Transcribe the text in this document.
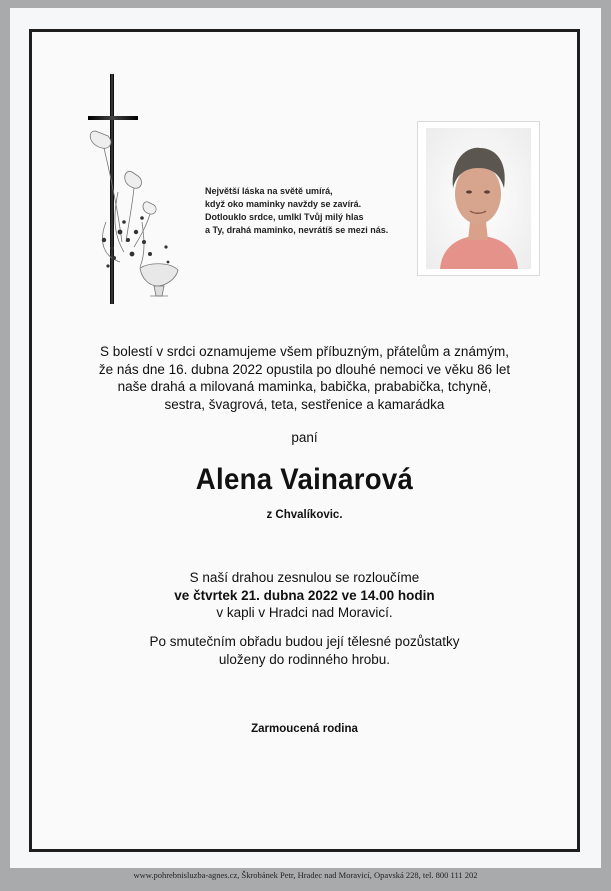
Největší láska na světě umírá,
když oko maminky navždy se zavírá.
Dotlouklo srdce, umlkl Tvůj milý hlas
a Ty, drahá maminko, nevrátíš se mezi nás.
S bolestí v srdci oznamujeme všem příbuzným, přátelům a známým,
že nás dne 16. dubna 2022 opustila po dlouhé nemoci ve věku 86 let
naše drahá a milovaná maminka, babička, prababička, tchyně,
sestra, švagrová, teta, sestřenice a kamarádka
paní
Alena Vainarová
z Chvalíkovic.
S naší drahou zesnulou se rozloučíme
ve čtvrtek 21. dubna 2022 ve 14.00 hodin
v kapli v Hradci nad Moravicí.
Po smutečním obřadu budou její tělesné pozůstatky
uloženy do rodinného hrobu.
Zarmoucená rodina
www.pohrebnisluzba-agnes.cz, Škrobánek Petr, Hradec nad Moravicí, Opavská 228, tel. 800 111 202
